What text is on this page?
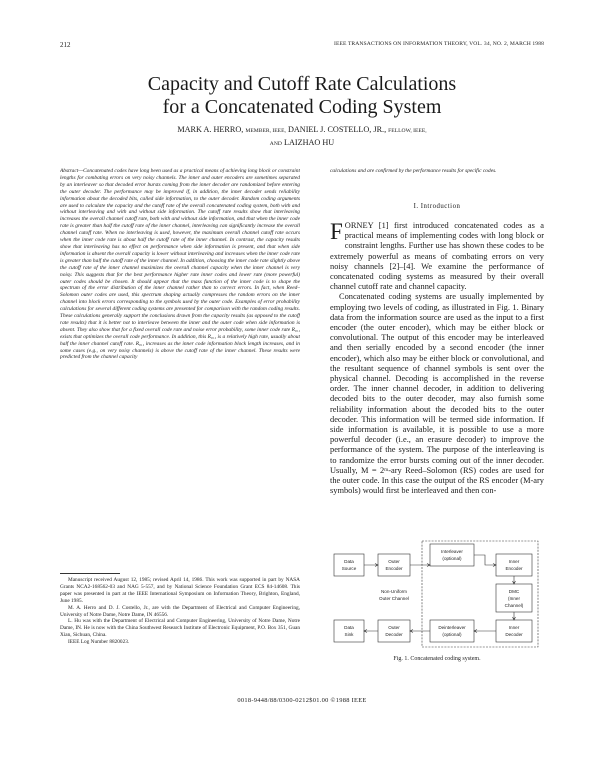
212	IEEE TRANSACTIONS ON INFORMATION THEORY, VOL. 34, NO. 2, MARCH 1988
Capacity and Cutoff Rate Calculations
for a Concatenated Coding System
MARK A. HERRO, MEMBER, IEEE, DANIEL J. COSTELLO, JR., FELLOW, IEEE,
AND LAIZHAO HU
Abstract—Concatenated codes have long been used as a practical means of achieving long block or constraint lengths for combating errors on very noisy channels. The inner and outer encoders are sometimes separated by an interleaver so that decoded error bursts coming from the inner decoder are randomized before entering the outer decoder. The performance may be improved if, in addition, the inner decoder sends reliability information about the decoded bits, called side information, to the outer decoder. Random coding arguments are used to calculate the capacity and the cutoff rate of the overall concatenated coding system, both with and without interleaving and with and without side information. The cutoff rate results show that interleaving increases the overall channel cutoff rate, both with and without side information, and that when the inner code rate is greater than half the cutoff rate of the inner channel, interleaving can significantly increase the overall channel cutoff rate. When no interleaving is used, however, the maximum overall channel cutoff rate occurs when the inner code rate is about half the cutoff rate of the inner channel. In contrast, the capacity results show that interleaving has no effect on performance when side information is present, and that when side information is absent the overall capacity is lower without interleaving and increases when the inner code rate is greater than half the cutoff rate of the inner channel. In addition, choosing the inner code rate slightly above the cutoff rate of the inner channel maximizes the overall channel capacity when the inner channel is very noisy. This suggests that for the best performance higher rate inner codes and lower rate (more powerful) outer codes should be chosen. It should appear that the mass function of the inner code is to shape the spectrum of the error distribution of the inner channel rather than to correct errors. In fact, when Reed–Solomon outer codes are used, this spectrum shaping actually compresses the random errors on the inner channel into block errors corresponding to the symbols used by the outer code. Examples of error probability calculations for several different coding systems are presented for comparison with the random coding results. These calculations generally support the conclusions drawn from the capacity results (as opposed to the cutoff rate results) that it is better not to interleave between the inner and the outer code when side information is absent. They also show that for a fixed overall code rate and noise error probability, some inner code rate R₀,₁ exists that optimizes the overall code performance. In addition, this R₀,₁ is a relatively high rate, usually about half the inner channel cutoff rate. R₀,₁ increases as the inner code information block length increases, and in some cases (e.g., on very noisy channels) is above the cutoff rate of the inner channel. These results were predicted from the channel capacity
calculations and are confirmed by the performance results for specific codes.
I. Introduction

FORNEY [1] first introduced concatenated codes as a practical means of implementing codes with long block or constraint lengths. Further use has shown these codes to be extremely powerful as means of combating errors on very noisy channels [2]–[4]. We examine the performance of concatenated coding systems as measured by their overall channel cutoff rate and channel capacity.

Concatenated coding systems are usually implemented by employing two levels of coding, as illustrated in Fig. 1. Binary data from the information source are used as the input to a first encoder (the outer encoder), which may be either block or convolutional. The output of this encoder may be interleaved and then serially encoded by a second encoder (the inner encoder), which also may be either block or convolutional, and the resultant sequence of channel symbols is sent over the physical channel. Decoding is accomplished in the reverse order. The inner channel decoder, in addition to delivering decoded bits to the outer decoder, may also furnish some reliability information about the decoded bits to the outer decoder. This information will be termed side information. If side information is available, it is possible to use a more powerful decoder (i.e., an erasure decoder) to improve the performance of the system. The purpose of the interleaving is to randomize the error bursts coming out of the inner decoder. Usually, M = 2ᵐ-ary Reed–Solomon (RS) codes are used for the outer code. In this case the output of the RS encoder (M-ary symbols) would first be interleaved and then con-

Manuscript received August 12, 1985; revised April 14, 1986. This work was supported in part by NASA Grants NCA2-168562-03 and NAG 5-557, and by National Science Foundation Grant ECS 84-14608. This paper was presented in part at the IEEE International Symposium on Information Theory, Brighton, England, June 1985.

M. A. Herro and D. J. Costello, Jr., are with the Department of Electrical and Computer Engineering, University of Notre Dame, Notre Dame, IN 46556.

L. Hu was with the Department of Electrical and Computer Engineering, University of Notre Dame, Notre Dame, IN. He is now with the China Southwest Research Institute of Electronic Equipment, P.O. Box 351, Guan Xian, Sichuan, China.

IEEE Log Number 8820023.

Data
Source
Outer
Encoder
Interleaver
(optional)
Inner
Encoder
DMC
(Inner
Channel)
Data
Sink
Outer
Decoder
Deinterleaver
(optional)
Inner
Decoder
Non-Uniform
Outer Channel
Fig. 1. Concatenated coding system.
0018-9448/88/0300-0212$01.00 ©1988 IEEE
